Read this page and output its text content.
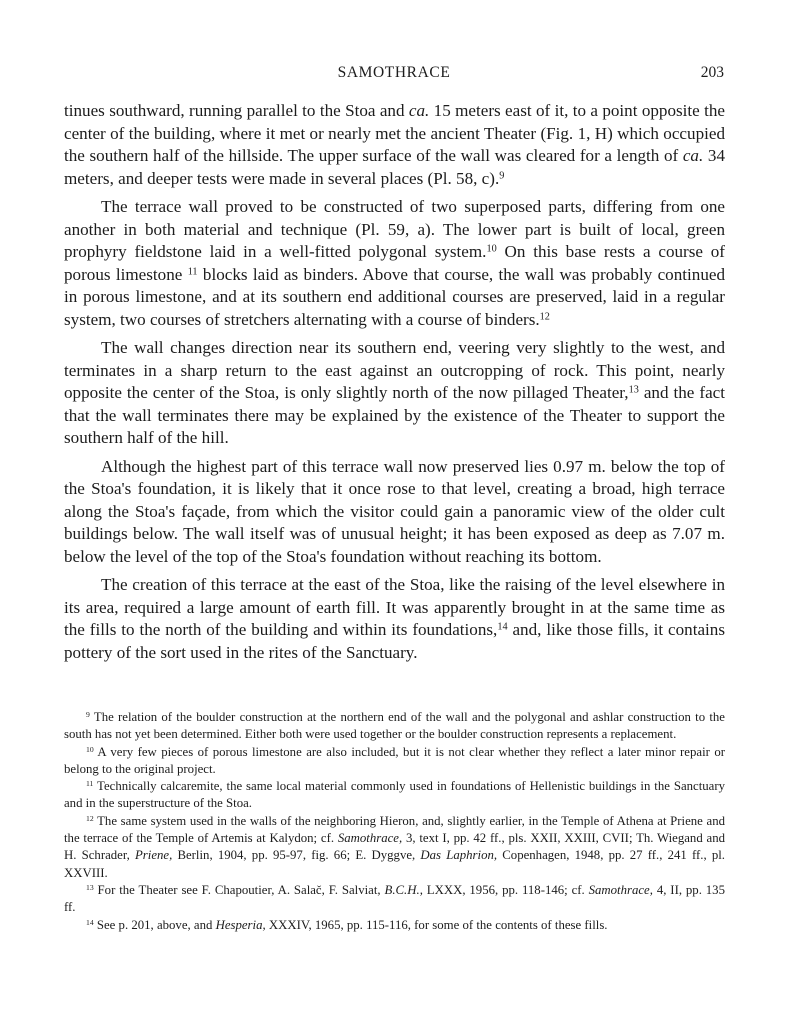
SAMOTHRACE	203

tinues southward, running parallel to the Stoa and ca. 15 meters east of it, to a point opposite the center of the building, where it met or nearly met the ancient Theater (Fig. 1, H) which occupied the southern half of the hillside. The upper surface of the wall was cleared for a length of ca. 34 meters, and deeper tests were made in several places (Pl. 58, c).$^9$

The terrace wall proved to be constructed of two superposed parts, differing from one another in both material and technique (Pl. 59, a). The lower part is built of local, green prophyry fieldstone laid in a well-fitted polygonal system.$^{10}$ On this base rests a course of porous limestone $^{11}$ blocks laid as binders. Above that course, the wall was probably continued in porous limestone, and at its southern end additional courses are preserved, laid in a regular system, two courses of stretchers alternating with a course of binders.$^{12}$

The wall changes direction near its southern end, veering very slightly to the west, and terminates in a sharp return to the east against an outcropping of rock. This point, nearly opposite the center of the Stoa, is only slightly north of the now pillaged Theater,$^{13}$ and the fact that the wall terminates there may be explained by the existence of the Theater to support the southern half of the hill.

Although the highest part of this terrace wall now preserved lies 0.97 m. below the top of the Stoa's foundation, it is likely that it once rose to that level, creating a broad, high terrace along the Stoa's façade, from which the visitor could gain a panoramic view of the older cult buildings below. The wall itself was of unusual height; it has been exposed as deep as 7.07 m. below the level of the top of the Stoa's foundation without reaching its bottom.

The creation of this terrace at the east of the Stoa, like the raising of the level elsewhere in its area, required a large amount of earth fill. It was apparently brought in at the same time as the fills to the north of the building and within its foundations,$^{14}$ and, like those fills, it contains pottery of the sort used in the rites of the Sanctuary.

$^9$ The relation of the boulder construction at the northern end of the wall and the polygonal and ashlar construction to the south has not yet been determined. Either both were used together or the boulder construction represents a replacement.

$^{10}$ A very few pieces of porous limestone are also included, but it is not clear whether they reflect a later minor repair or belong to the original project.

$^{11}$ Technically calcaremite, the same local material commonly used in foundations of Hellenistic buildings in the Sanctuary and in the superstructure of the Stoa.

$^{12}$ The same system used in the walls of the neighboring Hieron, and, slightly earlier, in the Temple of Athena at Priene and the terrace of the Temple of Artemis at Kalydon; cf. Samothrace, 3, text I, pp. 42 ff., pls. XXII, XXIII, CVII; Th. Wiegand and H. Schrader, Priene, Berlin, 1904, pp. 95-97, fig. 66; E. Dyggve, Das Laphrion, Copenhagen, 1948, pp. 27 ff., 241 ff., pl. XXVIII.

$^{13}$ For the Theater see F. Chapoutier, A. Salač, F. Salviat, B.C.H., LXXX, 1956, pp. 118-146; cf. Samothrace, 4, II, pp. 135 ff.

$^{14}$ See p. 201, above, and Hesperia, XXXIV, 1965, pp. 115-116, for some of the contents of these fills.
